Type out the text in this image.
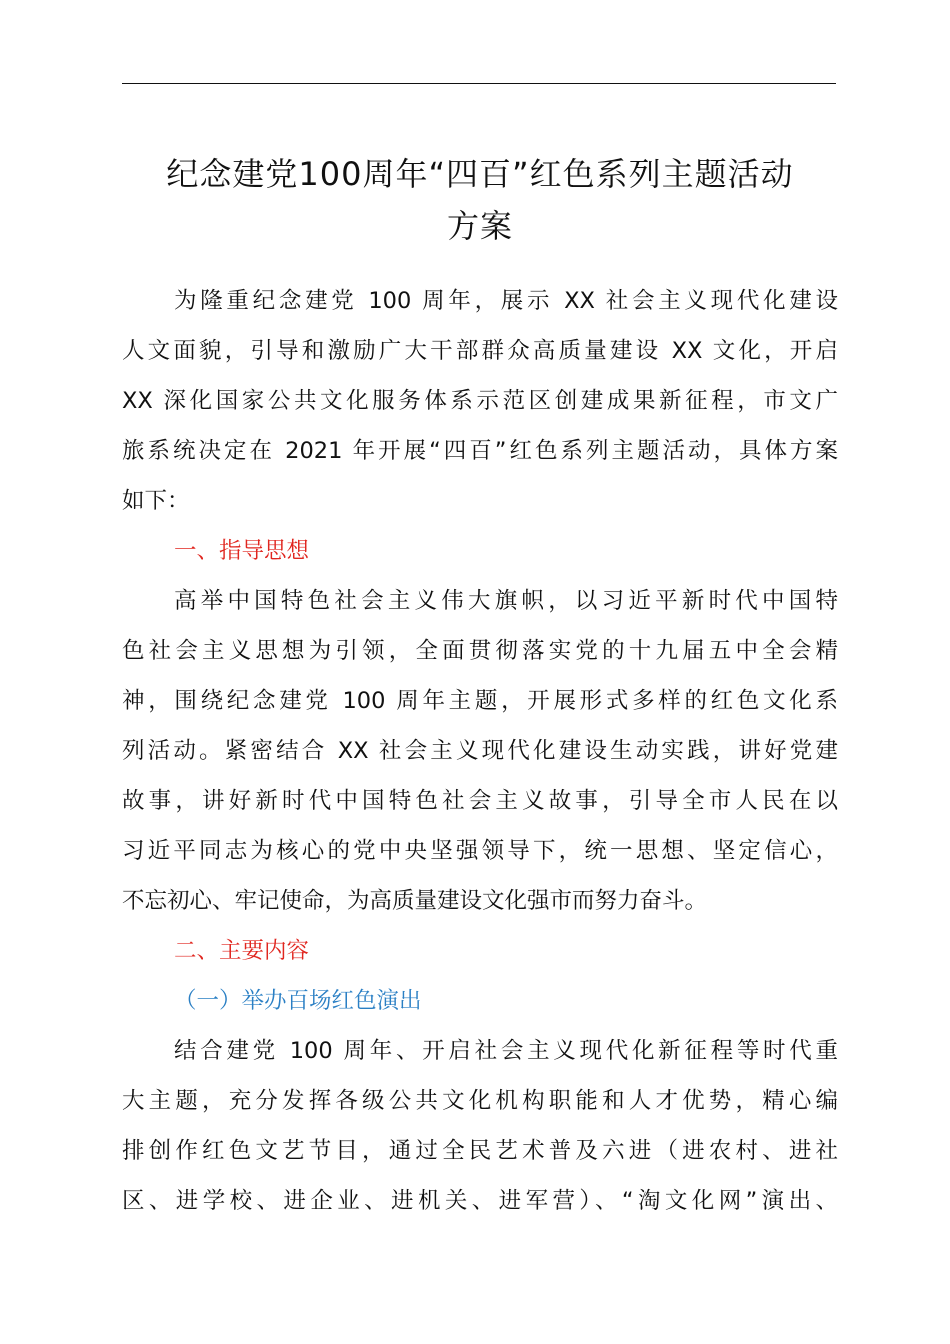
纪念建党100周年“四百”红色系列主题活动
方案
为隆重纪念建党 100 周年，展示 XX 社会主义现代化建设
人文面貌，引导和激励广大干部群众高质量建设 XX 文化，开启
XX 深化国家公共文化服务体系示范区创建成果新征程，市文广
旅系统决定在 2021 年开展“四百”红色系列主题活动，具体方案
如下：
一、指导思想
高举中国特色社会主义伟大旗帜，以习近平新时代中国特
色社会主义思想为引领，全面贯彻落实党的十九届五中全会精
神，围绕纪念建党 100 周年主题，开展形式多样的红色文化系
列活动。紧密结合 XX 社会主义现代化建设生动实践，讲好党建
故事，讲好新时代中国特色社会主义故事，引导全市人民在以
习近平同志为核心的党中央坚强领导下，统一思想、坚定信心，
不忘初心、牢记使命，为高质量建设文化强市而努力奋斗。
二、主要内容
（一）举办百场红色演出
结合建党 100 周年、开启社会主义现代化新征程等时代重
大主题，充分发挥各级公共文化机构职能和人才优势，精心编
排创作红色文艺节目，通过全民艺术普及六进（进农村、进社
区、进学校、进企业、进机关、进军营）、“淘文化网”演出、
